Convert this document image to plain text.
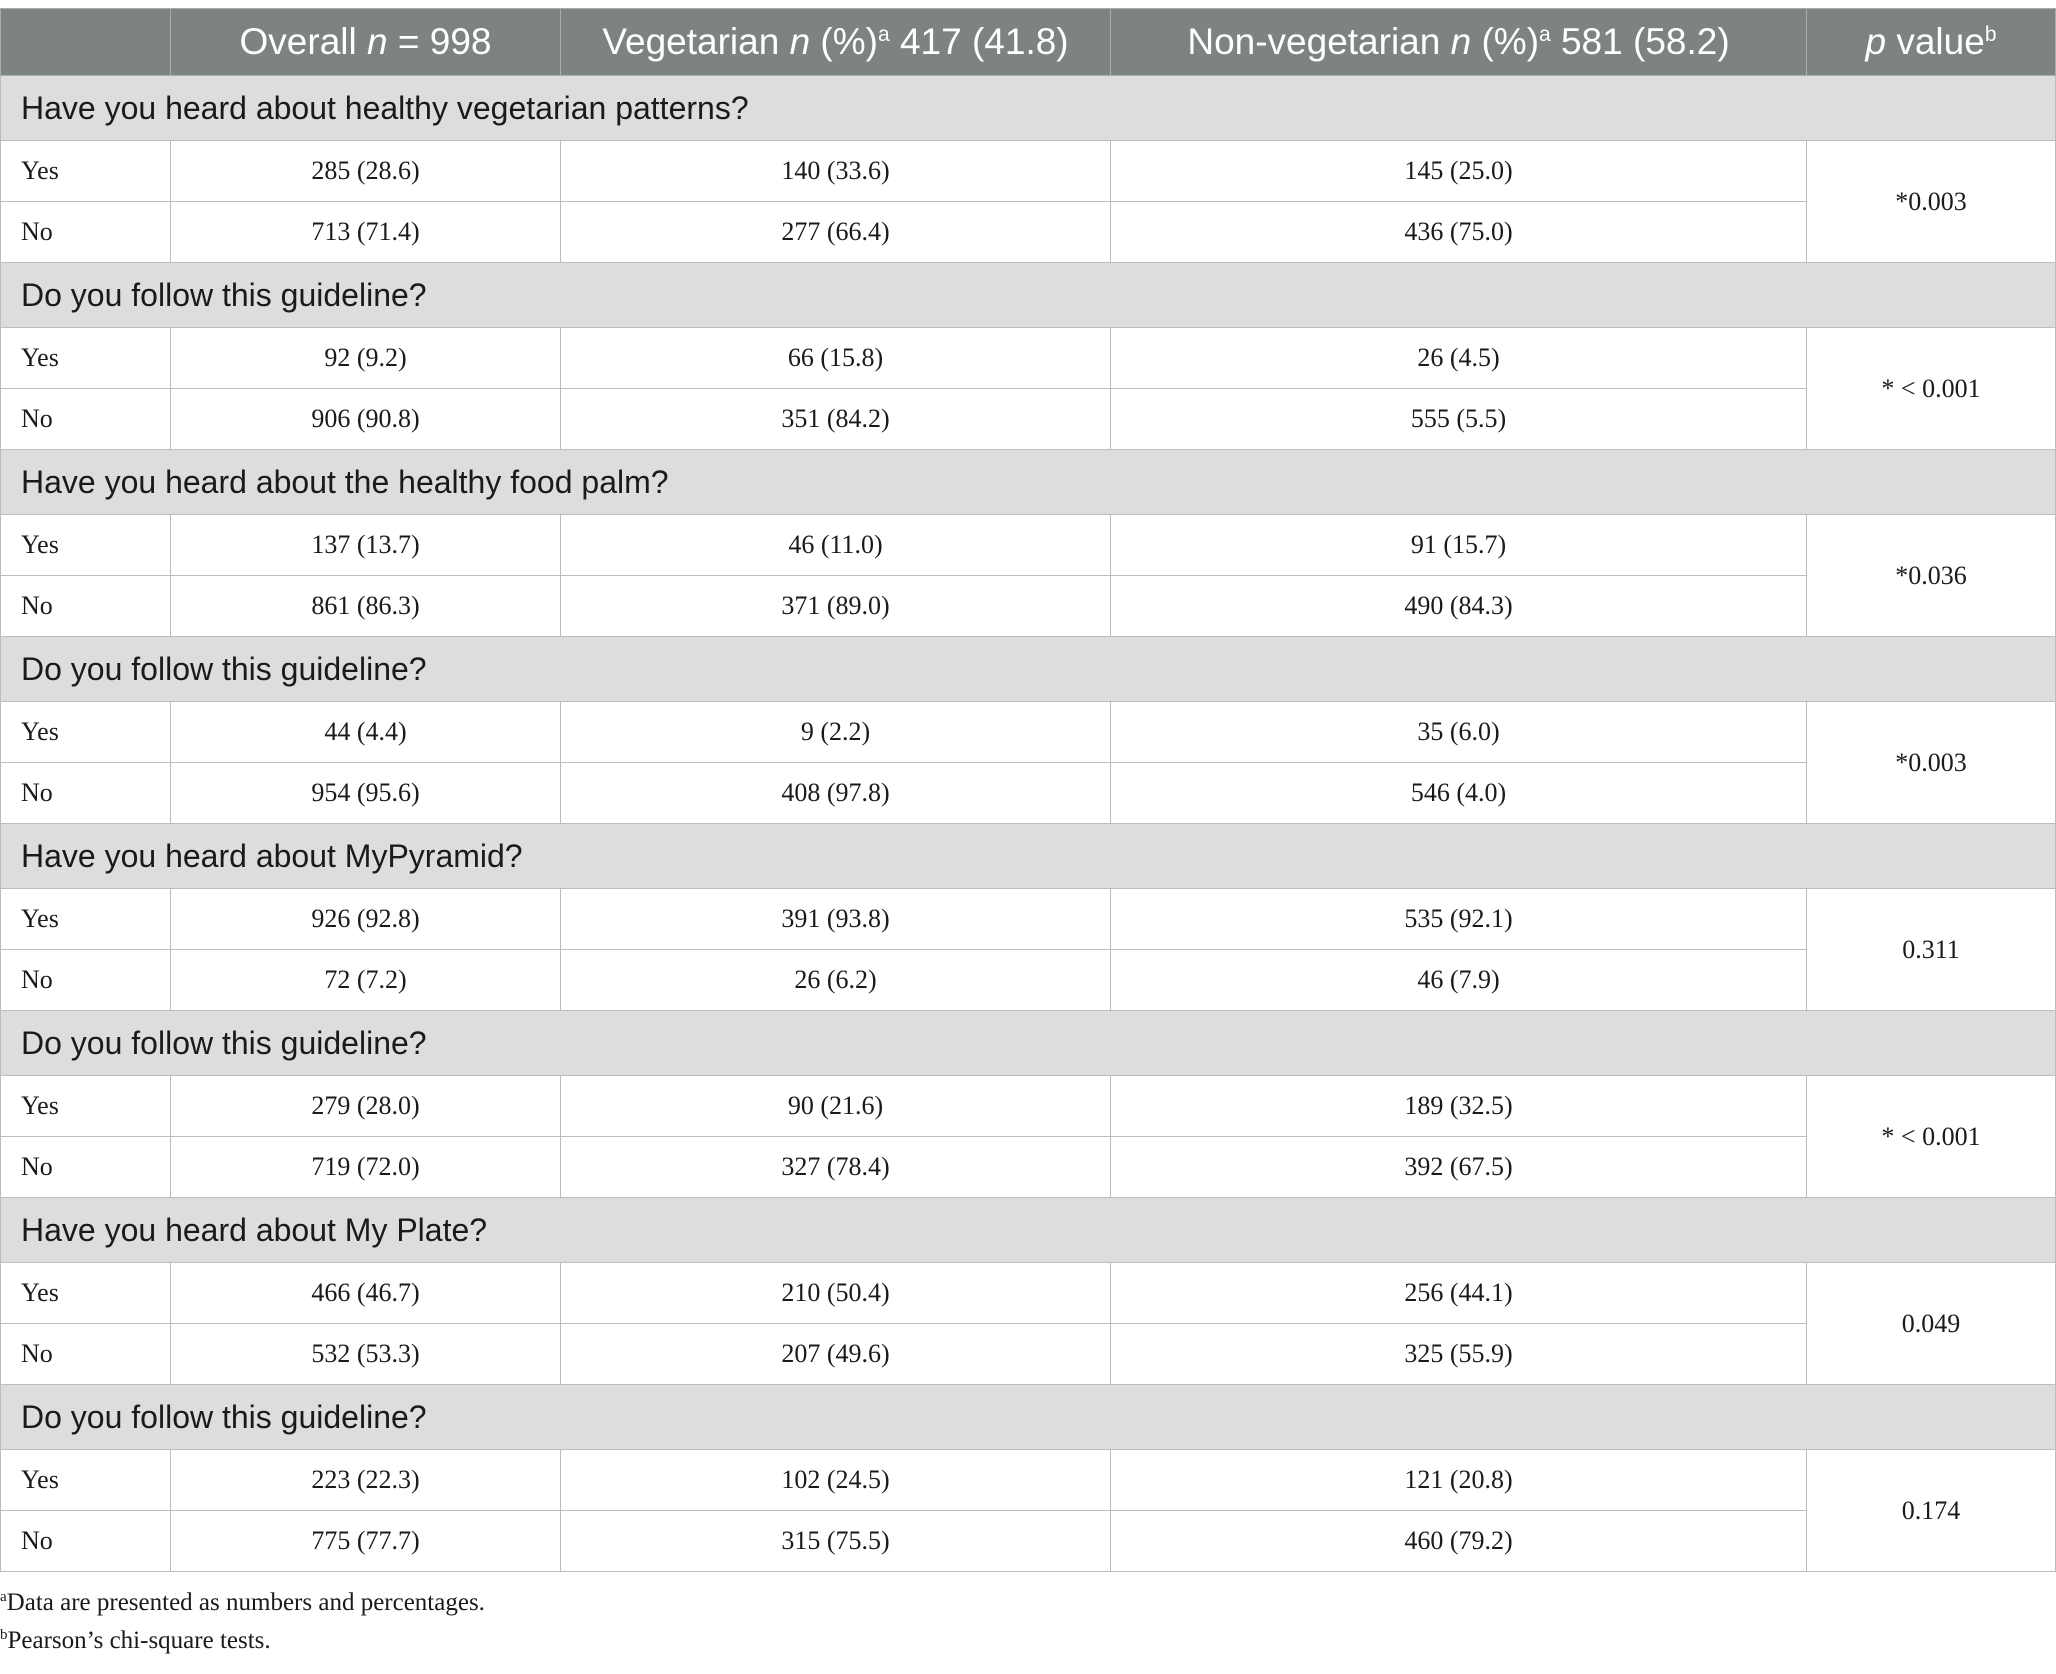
	Overall n = 998	Vegetarian n (%)$^a$ 417 (41.8)	Non-vegetarian n (%)$^a$ 581 (58.2)	p value$^b$
Have you heard about healthy vegetarian patterns?				
Yes	285 (28.6)	140 (33.6)	145 (25.0)	*0.003
No	713 (71.4)	277 (66.4)	436 (75.0)	
Do you follow this guideline?				
Yes	92 (9.2)	66 (15.8)	26 (4.5)	* < 0.001
No	906 (90.8)	351 (84.2)	555 (5.5)	
Have you heard about the healthy food palm?				
Yes	137 (13.7)	46 (11.0)	91 (15.7)	*0.036
No	861 (86.3)	371 (89.0)	490 (84.3)	
Do you follow this guideline?				
Yes	44 (4.4)	9 (2.2)	35 (6.0)	*0.003
No	954 (95.6)	408 (97.8)	546 (4.0)	
Have you heard about MyPyramid?				
Yes	926 (92.8)	391 (93.8)	535 (92.1)	0.311
No	72 (7.2)	26 (6.2)	46 (7.9)	
Do you follow this guideline?				
Yes	279 (28.0)	90 (21.6)	189 (32.5)	* < 0.001
No	719 (72.0)	327 (78.4)	392 (67.5)	
Have you heard about My Plate?				
Yes	466 (46.7)	210 (50.4)	256 (44.1)	0.049
No	532 (53.3)	207 (49.6)	325 (55.9)	
Do you follow this guideline?				
Yes	223 (22.3)	102 (24.5)	121 (20.8)	0.174
No	775 (77.7)	315 (75.5)	460 (79.2)	
$^a$Data are presented as numbers and percentages.
$^b$Pearson’s chi-square tests.
